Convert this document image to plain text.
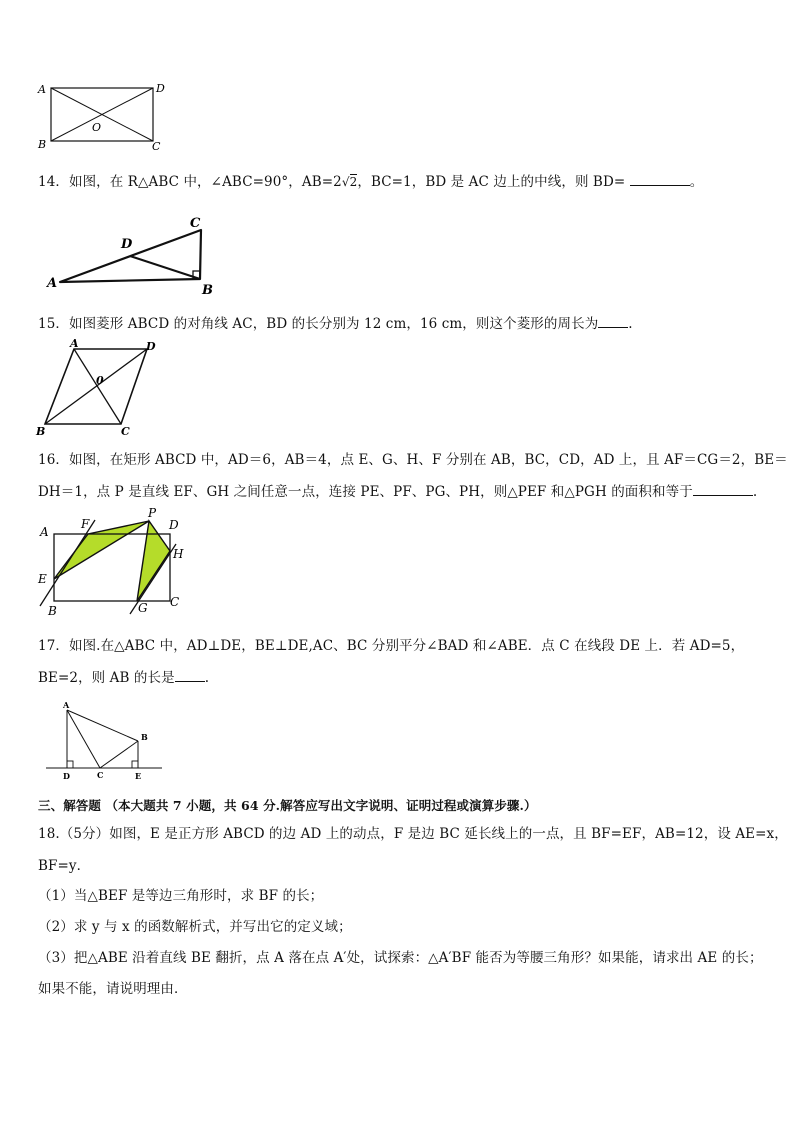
A	D
B	C
O
14．如图，在 R△ABC 中，∠ABC=90°，AB=2√2，BC=1，BD 是 AC 边上的中线，则 BD=	。
A	B
C
D
15．如图菱形 ABCD 的对角线 AC，BD 的长分别为 12 cm，16 cm，则这个菱形的周长为 .
A	D
B	C
0
16．如图，在矩形 ABCD 中，AD＝6，AB＝4，点 E、G、H、F 分别在 AB，BC，CD，AD 上，且 AF＝CG＝2，BE＝
DH＝1，点 P 是直线 EF、GH 之间任意一点，连接 PE、PF、PG、PH，则△PEF 和△PGH 的面积和等于	.
A
F
P
D
H
E
B	G C
17．如图.在△ABC 中，AD⊥DE，BE⊥DE,AC、BC 分别平分∠BAD 和∠ABE．点 C 在线段 DE 上．若 AD=5，
BE=2，则 AB 的长是 .
A
B
D	C	E
三、解答题 （本大题共 7 小题，共 64 分.解答应写出文字说明、证明过程或演算步骤.）
18.（5分）如图，E 是正方形 ABCD 的边 AD 上的动点，F 是边 BC 延长线上的一点，且 BF=EF，AB=12，设 AE=x，
BF=y．
（1）当△BEF 是等边三角形时，求 BF 的长；
（2）求 y 与 x 的函数解析式，并写出它的定义域；
（3）把△ABE 沿着直线 BE 翻折，点 A 落在点 A′处，试探索：△A′BF 能否为等腰三角形？如果能，请求出 AE 的长；
如果不能，请说明理由．
